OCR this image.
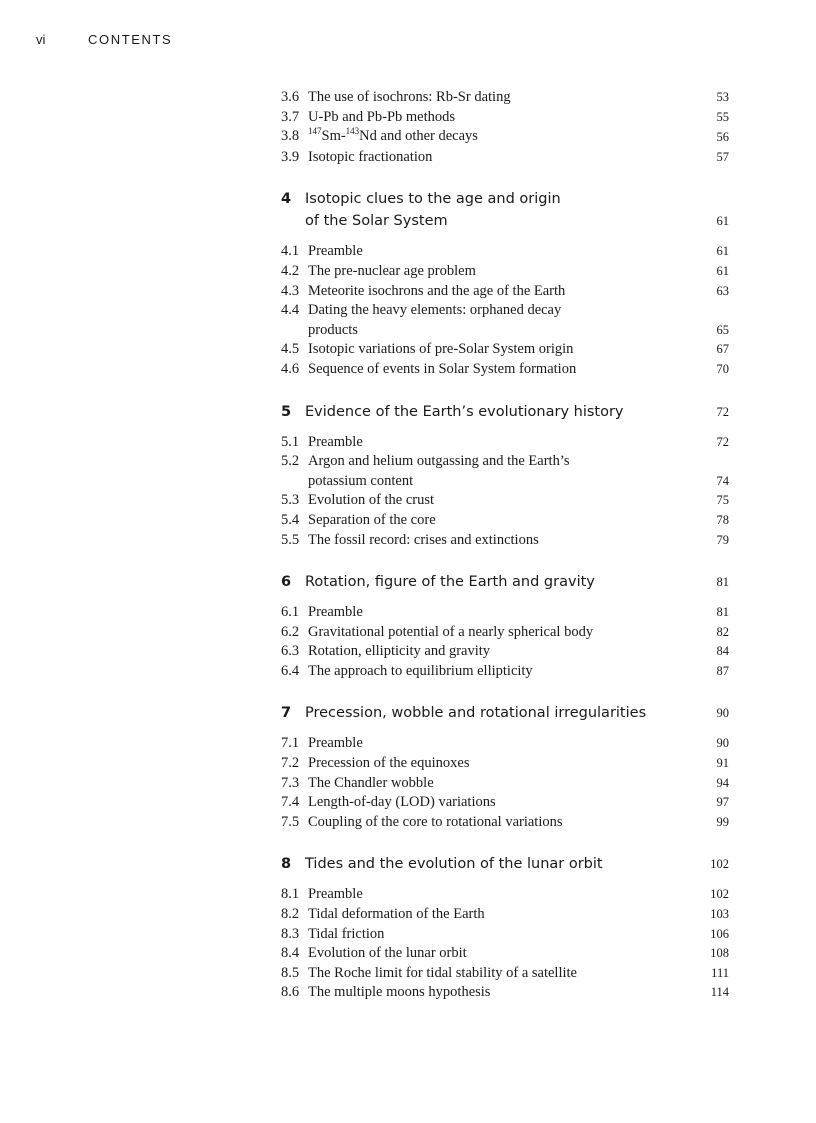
vi	CONTENTS
3.6 The use of isochrons: Rb-Sr dating	53
3.7 U-Pb and Pb-Pb methods	55
3.8 $^{147}$Sm-$^{143}$Nd and other decays	56
3.9 Isotopic fractionation	57
4 Isotopic clues to the age and origin
of the Solar System	61
4.1 Preamble	61
4.2 The pre-nuclear age problem	61
4.3 Meteorite isochrons and the age of the Earth	63
4.4 Dating the heavy elements: orphaned decay
products	65
4.5 Isotopic variations of pre-Solar System origin	67
4.6 Sequence of events in Solar System formation	70
5 Evidence of the Earth’s evolutionary history	72
5.1 Preamble	72
5.2 Argon and helium outgassing and the Earth’s
potassium content	74
5.3 Evolution of the crust	75
5.4 Separation of the core	78
5.5 The fossil record: crises and extinctions	79
6 Rotation, figure of the Earth and gravity	81
6.1 Preamble	81
6.2 Gravitational potential of a nearly spherical body	82
6.3 Rotation, ellipticity and gravity	84
6.4 The approach to equilibrium ellipticity	87
7 Precession, wobble and rotational irregularities	90
7.1 Preamble	90
7.2 Precession of the equinoxes	91
7.3 The Chandler wobble	94
7.4 Length-of-day (LOD) variations	97
7.5 Coupling of the core to rotational variations	99
8 Tides and the evolution of the lunar orbit	102
8.1 Preamble	102
8.2 Tidal deformation of the Earth	103
8.3 Tidal friction	106
8.4 Evolution of the lunar orbit	108
8.5 The Roche limit for tidal stability of a satellite	111
8.6 The multiple moons hypothesis	114
